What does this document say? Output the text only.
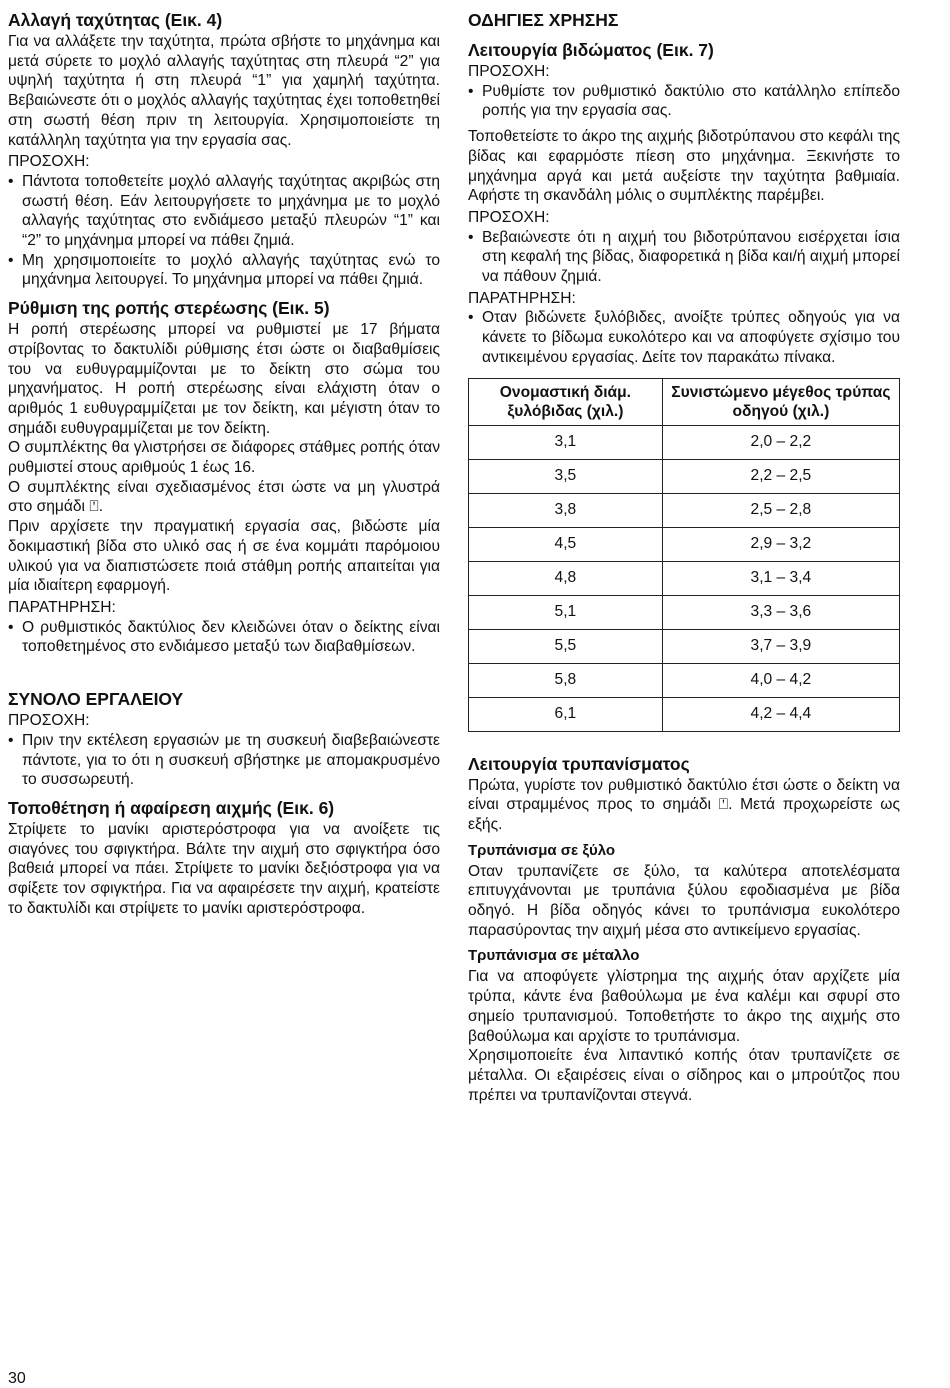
Αλλαγή ταχύτητας (Εικ. 4)

Για να αλλάξετε την ταχύτητα, πρώτα σβήστε το μηχάνημα και μετά σύρετε το μοχλό αλλαγής ταχύτητας στη πλευρά “2” για υψηλή ταχύτητα ή στη πλευρά “1” για χαμηλή ταχύτητα. Βεβαιώνεστε ότι ο μοχλός αλλαγής ταχύτητας έχει τοποθετηθεί στη σωστή θέση πριν τη λειτουργία. Χρησιμοποιείστε τη κατάλληλη ταχύτητα για την εργασία σας.

ΠΡΟΣΟΧΗ:

• Πάντοτα τοποθετείτε μοχλό αλλαγής ταχύτητας ακριβώς στη σωστή θέση. Εάν λειτουργήσετε το μηχάνημα με το μοχλό αλλαγής ταχύτητας στο ενδιάμεσο μεταξύ πλευρών “1” και “2” το μηχάνημα μπορεί να πάθει ζημιά.
• Μη χρησιμοποιείτε το μοχλό αλλαγής ταχύτητας ενώ το μηχάνημα λειτουργεί. Το μηχάνημα μπορεί να πάθει ζημιά.
Ρύθμιση της ροπής στερέωσης (Εικ. 5)

Η ροπή στερέωσης μπορεί να ρυθμιστεί με 17 βήματα στρίβοντας το δακτυλίδι ρύθμισης έτσι ώστε οι διαβαθμίσεις του να ευθυγραμμίζονται με το δείκτη στο σώμα του μηχανήματος. Η ροπή στερέωσης είναι ελάχιστη όταν ο αριθμός 1 ευθυγραμμίζεται με τον δείκτη, και μέγιστη όταν το σημάδι ευθυγραμμίζεται με τον δείκτη.

Ο συμπλέκτης θα γλιστρήσει σε διάφορες στάθμες ροπής όταν ρυθμιστεί στους αριθμούς 1 έως 16.

Ο συμπλέκτης είναι σχεδιασμένος έτσι ώστε να μη γλυστρά στο σημάδι ⍞.

Πριν αρχίσετε την πραγματική εργασία σας, βιδώστε μία δοκιμαστική βίδα στο υλικό σας ή σε ένα κομμάτι παρόμοιου υλικού για να διαπιστώσετε ποιά στάθμη ροπής απαιτείται για μία ιδιαίτερη εφαρμογή.

ΠΑΡΑΤΗΡΗΣΗ:

• Ο ρυθμιστικός δακτύλιος δεν κλειδώνει όταν ο δείκτης είναι τοποθετημένος στο ενδιάμεσο μεταξύ των διαβαθμίσεων.
ΣΥΝΟΛΟ ΕΡΓΑΛΕΙΟΥ

ΠΡΟΣΟΧΗ:

• Πριν την εκτέλεση εργασιών με τη συσκευή διαβεβαιώνεστε πάντοτε, για το ότι η συσκευή σβήστηκε με απομακρυσμένο το συσσωρευτή.
Τοποθέτηση ή αφαίρεση αιχμής (Εικ. 6)

Στρίψετε το μανίκι αριστερόστροφα για να ανοίξετε τις σιαγόνες του σφιγκτήρα. Βάλτε την αιχμή στο σφιγκτήρα όσο βαθειά μπορεί να πάει. Στρίψετε το μανίκι δεξιόστροφα για να σφίξετε τον σφιγκτήρα. Για να αφαιρέσετε την αιχμή, κρατείστε το δακτυλίδι και στρίψετε το μανίκι αριστερόστροφα.

ΟΔΗΓΙΕΣ ΧΡΗΣΗΣ
Λειτουργία βιδώματος (Εικ. 7)

ΠΡΟΣΟΧΗ:

• Ρυθμίστε τον ρυθμιστικό δακτύλιο στο κατάλληλο επίπεδο ροπής για την εργασία σας.

Τοποθετείστε το άκρο της αιχμής βιδοτρύπανου στο κεφάλι της βίδας και εφαρμόστε πίεση στο μηχάνημα. Ξεκινήστε το μηχάνημα αργά και μετά αυξείστε την ταχύτητα βαθμιαία. Αφήστε τη σκανδάλη μόλις ο συμπλέκτης παρέμβει.

ΠΡΟΣΟΧΗ:

• Βεβαιώνεστε ότι η αιχμή του βιδοτρύπανου εισέρχεται ίσια στη κεφαλή της βίδας, διαφορετικά η βίδα και/ή αιχμή μπορεί να πάθουν ζημιά.

ΠΑΡΑΤΗΡΗΣΗ:

• Οταν βιδώνετε ξυλόβιδες, ανοίξτε τρύπες οδηγούς για να κάνετε το βίδωμα ευκολότερο και να αποφύγετε σχίσιμο του αντικειμένου εργασίας. Δείτε τον παρακάτω πίνακα.
Ονομαστική διάμ. ξυλόβιδας (χιλ.)	Συνιστώμενο μέγεθος τρύπας οδηγού (χιλ.)
3,1	2,0 – 2,2
3,5	2,2 – 2,5
3,8	2,5 – 2,8
4,5	2,9 – 3,2
4,8	3,1 – 3,4
5,1	3,3 – 3,6
5,5	3,7 – 3,9
5,8	4,0 – 4,2
6,1	4,2 – 4,4
Λειτουργία τρυπανίσματος

Πρώτα, γυρίστε τον ρυθμιστικό δακτύλιο έτσι ώστε ο δείκτη να είναι στραμμένος προς το σημάδι ⍞. Μετά προχωρείστε ως εξής.

Τρυπάνισμα σε ξύλο

Οταν τρυπανίζετε σε ξύλο, τα καλύτερα αποτελέσματα επιτυγχάνονται με τρυπάνια ξύλου εφοδιασμένα με βίδα οδηγό. Η βίδα οδηγός κάνει το τρυπάνισμα ευκολότερο παρασύροντας την αιχμή μέσα στο αντικείμενο εργασίας.

Τρυπάνισμα σε μέταλλο

Για να αποφύγετε γλίστρημα της αιχμής όταν αρχίζετε μία τρύπα, κάντε ένα βαθούλωμα με ένα καλέμι και σφυρί στο σημείο τρυπανισμού. Τοποθετήστε το άκρο της αιχμής στο βαθούλωμα και αρχίστε το τρυπάνισμα.

Χρησιμοποιείτε ένα λιπαντικό κοπής όταν τρυπανίζετε σε μέταλλα. Οι εξαιρέσεις είναι ο σίδηρος και ο μπρούτζος που πρέπει να τρυπανίζονται στεγνά.

30
